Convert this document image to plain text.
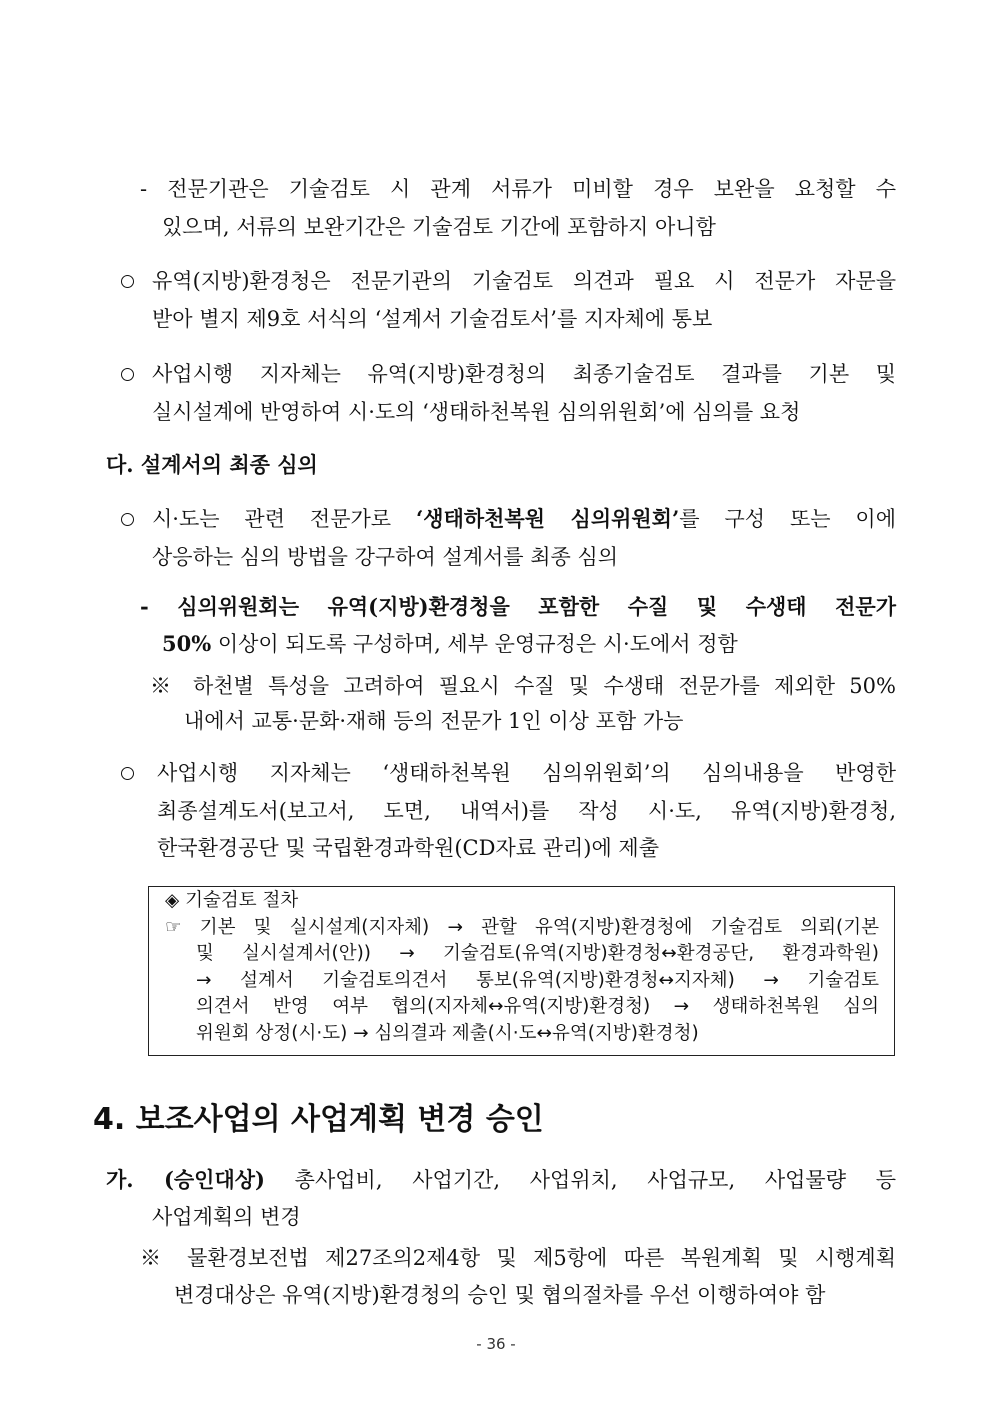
- 전문기관은 기술검토 시 관계 서류가 미비할 경우 보완을 요청할 수
있으며, 서류의 보완기간은 기술검토 기간에 포함하지 아니함
유역(지방)환경청은 전문기관의 기술검토 의견과 필요 시 전문가 자문을
받아 별지 제9호 서식의 ‘설계서 기술검토서’를 지자체에 통보
사업시행 지자체는 유역(지방)환경청의 최종기술검토 결과를 기본 및
실시설계에 반영하여 시·도의 ‘생태하천복원 심의위원회’에 심의를 요청
다. 설계서의 최종 심의
시·도는 관련 전문가로 ‘생태하천복원 심의위원회’를 구성 또는 이에
상응하는 심의 방법을 강구하여 설계서를 최종 심의
- 심의위원회는 유역(지방)환경청을 포함한 수질 및 수생태 전문가
50% 이상이 되도록 구성하며, 세부 운영규정은 시·도에서 정함
※ 하천별 특성을 고려하여 필요시 수질 및 수생태 전문가를 제외한 50%
내에서 교통·문화·재해 등의 전문가 1인 이상 포함 가능
사업시행 지자체는 ‘생태하천복원 심의위원회’의 심의내용을 반영한
최종설계도서(보고서, 도면, 내역서)를 작성 시·도, 유역(지방)환경청,
한국환경공단 및 국립환경과학원(CD자료 관리)에 제출
◈ 기술검토 절차
☞ 기본 및 실시설계(지자체) → 관할 유역(지방)환경청에 기술검토 의뢰(기본
및 실시설계서(안)) → 기술검토(유역(지방)환경청↔환경공단, 환경과학원)
→ 설계서 기술검토의견서 통보(유역(지방)환경청↔지자체) → 기술검토
의견서 반영 여부 협의(지자체↔유역(지방)환경청) → 생태하천복원 심의
위원회 상정(시·도) → 심의결과 제출(시·도↔유역(지방)환경청)
4. 보조사업의 사업계획 변경 승인
가. (승인대상) 총사업비, 사업기간, 사업위치, 사업규모, 사업물량 등
사업계획의 변경
※ 물환경보전법 제27조의2제4항 및 제5항에 따른 복원계획 및 시행계획
변경대상은 유역(지방)환경청의 승인 및 협의절차를 우선 이행하여야 함
- 36 -
